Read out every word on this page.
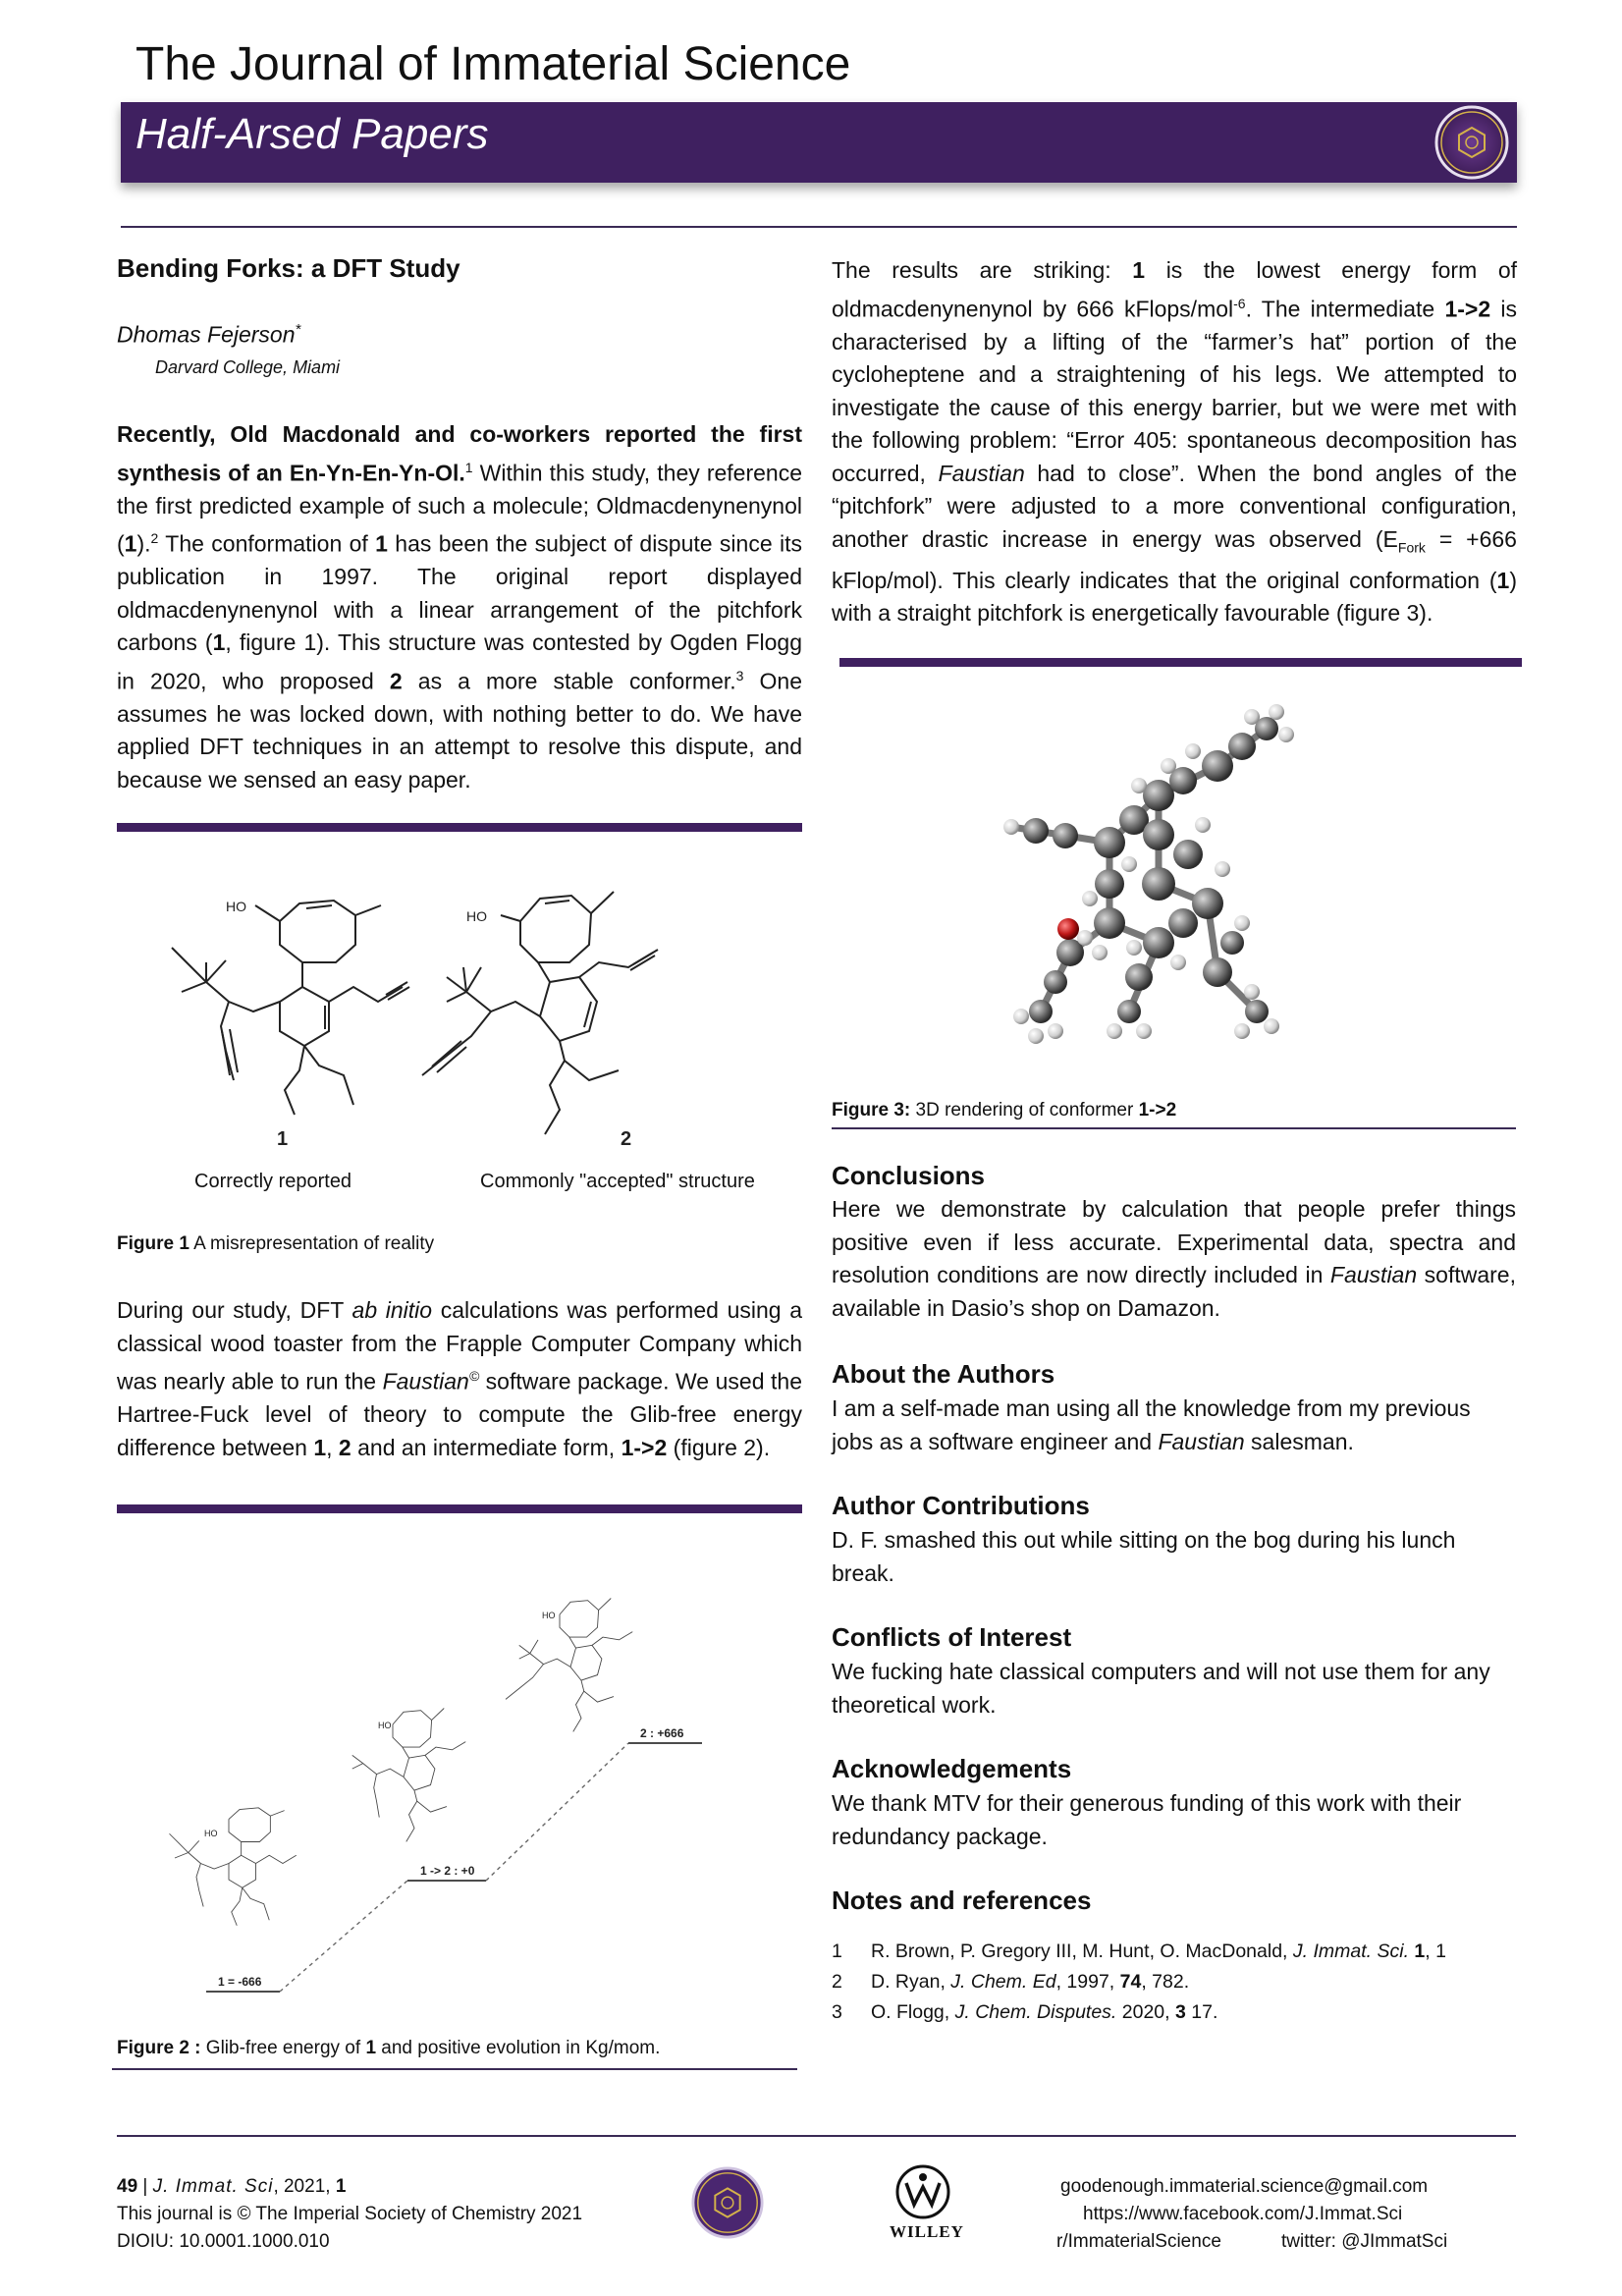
The Journal of Immaterial Science
Half-Arsed Papers
Bending Forks: a DFT Study
Dhomas Fejerson*
Darvard College, Miami
Recently, Old Macdonald and co-workers reported the first synthesis of an En-Yn-En-Yn-Ol.$^1$ Within this study, they reference the first predicted example of such a molecule; Oldmacdenynenynol (1).$^2$ The conformation of 1 has been the subject of dispute since its publication in 1997. The original report displayed oldmacdenynenynol with a linear arrangement of the pitchfork carbons (1, figure 1). This structure was contested by Ogden Flogg in 2020, who proposed 2 as a more stable conformer.$^3$ One assumes he was locked down, with nothing better to do. We have applied DFT techniques in an attempt to resolve this dispute, and because we sensed an easy paper.
HO
HO
1	2
Correctly reported	Commonly "accepted" structure
Figure 1 A misrepresentation of reality
During our study, DFT ab initio calculations was performed using a classical wood toaster from the Frapple Computer Company which was nearly able to run the Faustian© software package. We used the Hartree-Fuck level of theory to compute the Glib-free energy difference between 1, 2 and an intermediate form, 1->2 (figure 2).
1 = -666
1 -> 2 : +0
2 : +666
HO
HO
HO
Figure 2 : Glib-free energy of 1 and positive evolution in Kg/mom.
The results are striking: 1 is the lowest energy form of oldmacdenynenynol by 666 kFlops/mol$^{-6}$. The intermediate 1->2 is characterised by a lifting of the “farmer’s hat” portion of the cycloheptene and a straightening of his legs. We attempted to investigate the cause of this energy barrier, but we were met with the following problem: “Error 405: spontaneous decomposition has occurred, Faustian had to close”. When the bond angles of the “pitchfork” were adjusted to a more conventional configuration, another drastic increase in energy was observed ($E_{Fork} = +666$ kFlop/mol). This clearly indicates that the original conformation (1) with a straight pitchfork is energetically favourable (figure 3).
Figure 3: 3D rendering of conformer 1->2
Conclusions
Here we demonstrate by calculation that people prefer things positive even if less accurate. Experimental data, spectra and resolution conditions are now directly included in Faustian software, available in Dasio’s shop on Damazon.
About the Authors
I am a self-made man using all the knowledge from my previous jobs as a software engineer and Faustian salesman.
Author Contributions
D. F. smashed this out while sitting on the bog during his lunch break.
Conflicts of Interest
We fucking hate classical computers and will not use them for any theoretical work.
Acknowledgements
We thank MTV for their generous funding of this work with their redundancy package.
Notes and references
1	R. Brown, P. Gregory III, M. Hunt, O. MacDonald, J. Immat. Sci. 1, 1
2	D. Ryan, J. Chem. Ed, 1997, 74, 782.
3	O. Flogg, J. Chem. Disputes. 2020, 3 17.
49 | J. Immat. Sci, 2021, 1
This journal is © The Imperial Society of Chemistry 2021
DIOIU: 10.0001.1000.010	WILLEY
goodenough.immaterial.science@gmail.com
https://www.facebook.com/J.Immat.Sci
r/ImmaterialScience	twitter: @JImmatSci
